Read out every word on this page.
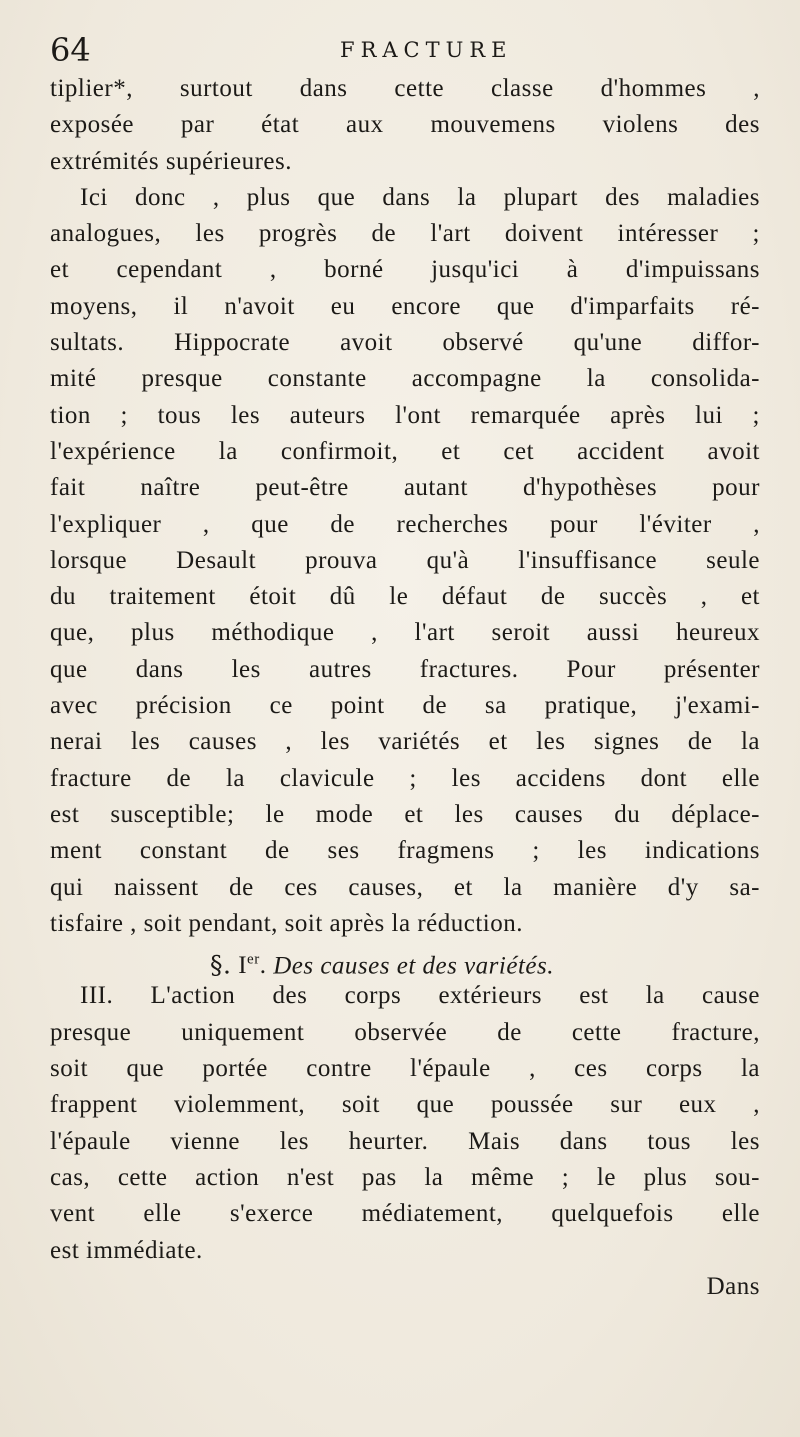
64	FRACTURE
tiplier*, surtout dans cette classe d'hommes ,
exposée par état aux mouvemens violens des
extrémités supérieures.
Ici donc , plus que dans la plupart des maladies
analogues, les progrès de l'art doivent intéresser ;
et cependant , borné jusqu'ici à d'impuissans
moyens, il n'avoit eu encore que d'imparfaits ré-
sultats. Hippocrate avoit observé qu'une diffor-
mité presque constante accompagne la consolida-
tion ; tous les auteurs l'ont remarquée après lui ;
l'expérience la confirmoit, et cet accident avoit
fait naître peut-être autant d'hypothèses pour
l'expliquer , que de recherches pour l'éviter ,
lorsque Desault prouva qu'à l'insuffisance seule
du traitement étoit dû le défaut de succès , et
que, plus méthodique , l'art seroit aussi heureux
que dans les autres fractures. Pour présenter
avec précision ce point de sa pratique, j'exami-
nerai les causes , les variétés et les signes de la
fracture de la clavicule ; les accidens dont elle
est susceptible; le mode et les causes du déplace-
ment constant de ses fragmens ; les indications
qui naissent de ces causes, et la manière d'y sa-
tisfaire , soit pendant, soit après la réduction.
§. Ier. Des causes et des variétés.
III. L'action des corps extérieurs est la cause
presque uniquement observée de cette fracture,
soit que portée contre l'épaule , ces corps la
frappent violemment, soit que poussée sur eux ,
l'épaule vienne les heurter. Mais dans tous les
cas, cette action n'est pas la même ; le plus sou-
vent elle s'exerce médiatement, quelquefois elle
est immédiate.
Dans
